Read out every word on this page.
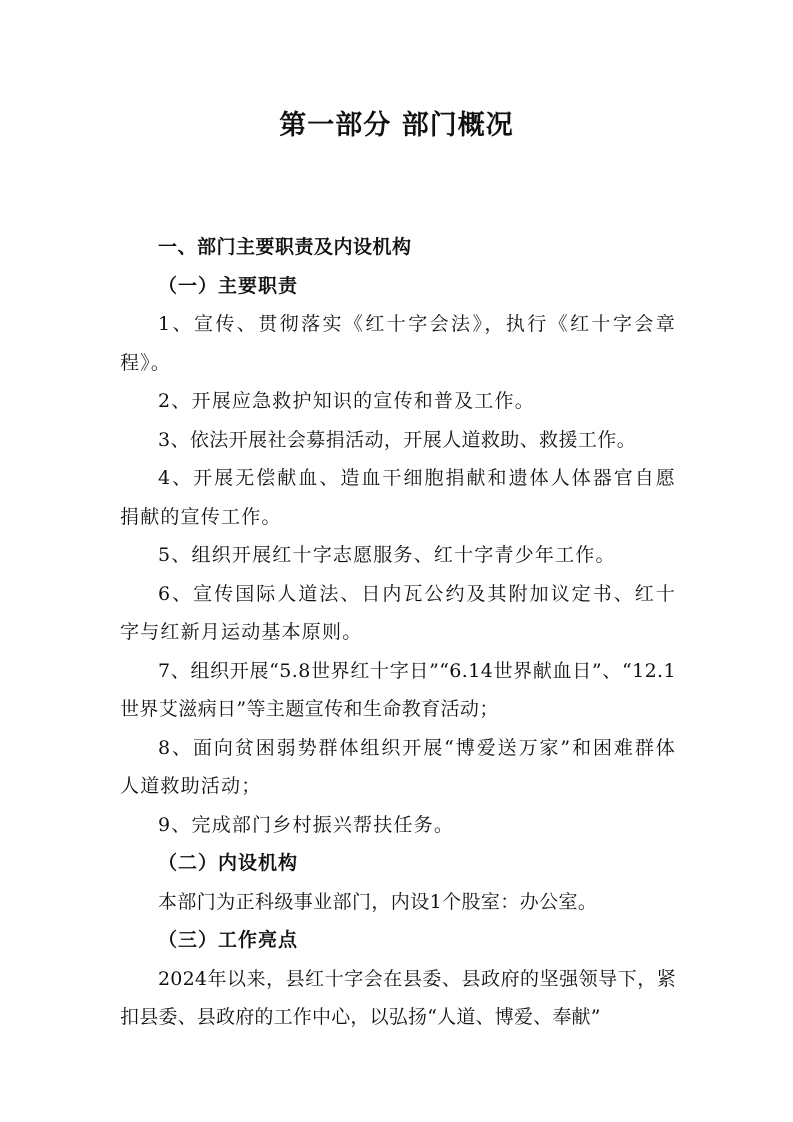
第一部分 部门概况

一、部门主要职责及内设机构

（一）主要职责

1、宣传、贯彻落实《红十字会法》，执行《红十字会章程》。

2、开展应急救护知识的宣传和普及工作。

3、依法开展社会募捐活动，开展人道救助、救援工作。

4、开展无偿献血、造血干细胞捐献和遗体人体器官自愿捐献的宣传工作。

5、组织开展红十字志愿服务、红十字青少年工作。

6、宣传国际人道法、日内瓦公约及其附加议定书、红十字与红新月运动基本原则。

7、组织开展“5.8世界红十字日”“6.14世界献血日”、“12.1世界艾滋病日”等主题宣传和生命教育活动；

8、面向贫困弱势群体组织开展“博爱送万家”和困难群体人道救助活动；

9、完成部门乡村振兴帮扶任务。

（二）内设机构

本部门为正科级事业部门，内设1个股室：办公室。

（三）工作亮点

2024年以来，县红十字会在县委、县政府的坚强领导下，紧扣县委、县政府的工作中心，以弘扬“人道、博爱、奉献”
